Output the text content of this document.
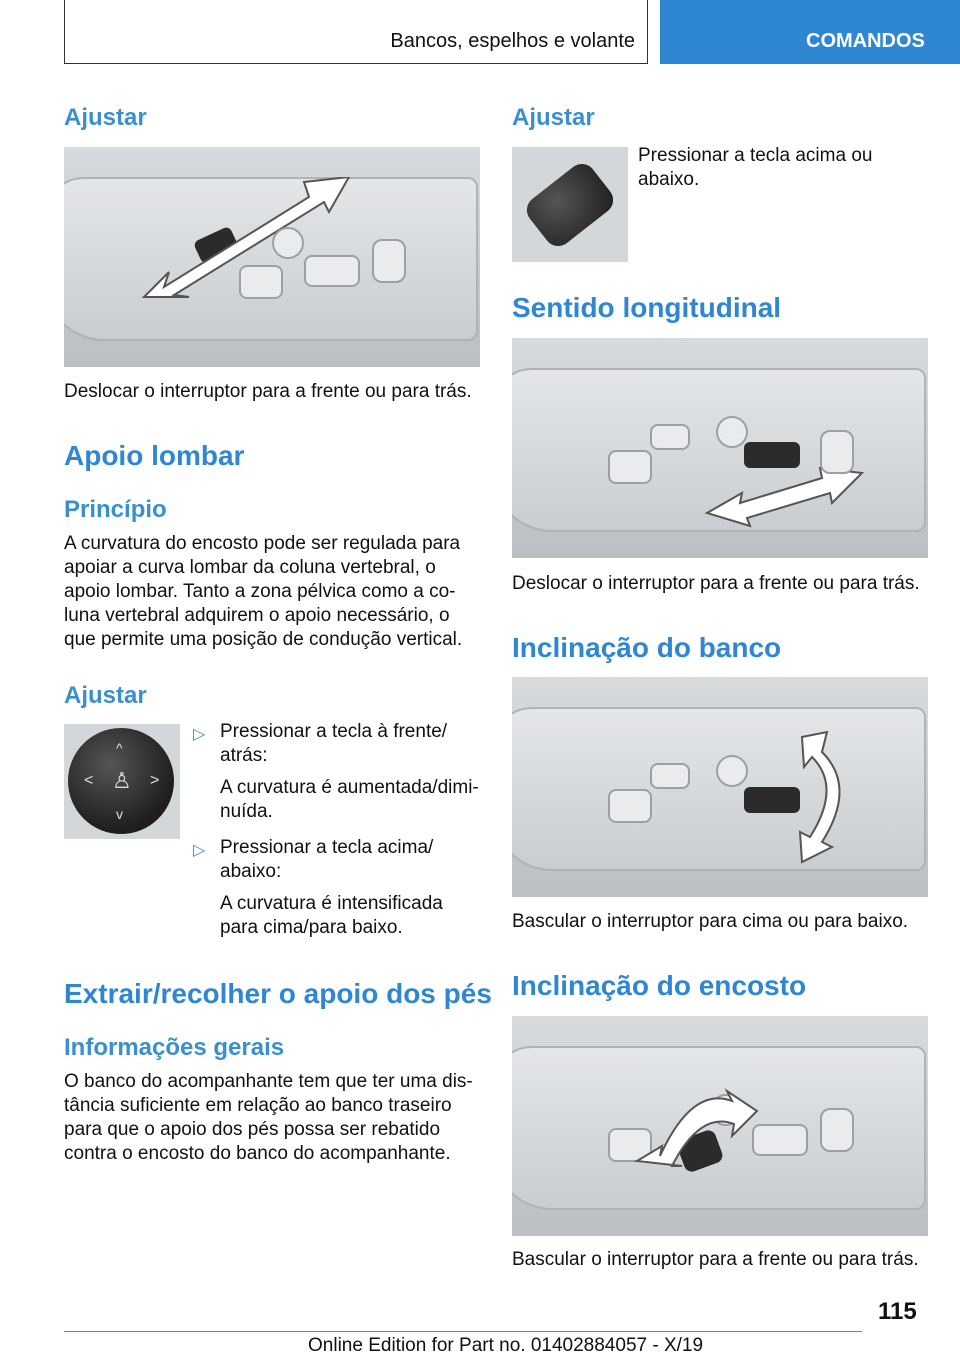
Bancos, espelhos e volante	COMANDOS
Ajustar
Deslocar o interruptor para a frente ou para trás.
Apoio lombar
Princípio
A curvatura do encosto pode ser regulada para
apoiar a curva lombar da coluna vertebral, o
apoio lombar. Tanto a zona pélvica como a co‐
luna vertebral adquirem o apoio necessário, o
que permite uma posição de condução vertical.
Ajustar
^
v
<	>
♙
▷ Pressionar a tecla à frente/
atrás:
A curvatura é aumentada/dimi‐
nuída.
▷ Pressionar a tecla acima/
abaixo:
A curvatura é intensificada
para cima/para baixo.
Extrair/recolher o apoio dos pés
Informações gerais
O banco do acompanhante tem que ter uma dis‐
tância suficiente em relação ao banco traseiro
para que o apoio dos pés possa ser rebatido
contra o encosto do banco do acompanhante.
Ajustar
Pressionar a tecla acima ou
abaixo.
Sentido longitudinal
Deslocar o interruptor para a frente ou para trás.
Inclinação do banco
Bascular o interruptor para cima ou para baixo.
Inclinação do encosto
Bascular o interruptor para a frente ou para trás.
115
Online Edition for Part no. 01402884057 - X/19
